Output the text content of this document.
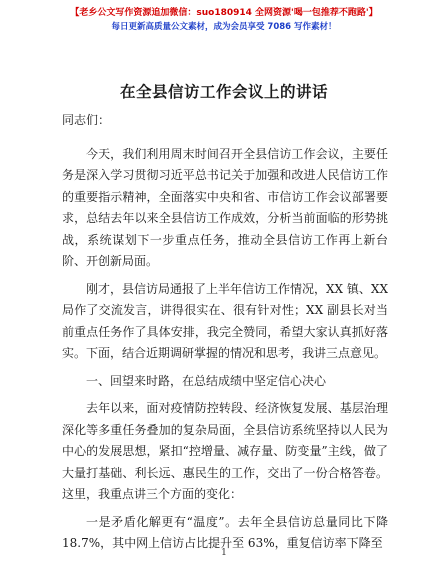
【老乡公文写作资源追加微信：suo180914 全网资源'喝一包推荐不跑路'】
每日更新高质量公文素材，成为会员享受 7086 写作素材！
在全县信访工作会议上的讲话

同志们：

今天，我们利用周末时间召开全县信访工作会议，主要任务是深入学习贯彻习近平总书记关于加强和改进人民信访工作的重要指示精神，全面落实中央和省、市信访工作会议部署要求，总结去年以来全县信访工作成效，分析当前面临的形势挑战，系统谋划下一步重点任务，推动全县信访工作再上新台阶、开创新局面。

刚才，县信访局通报了上半年信访工作情况，XX 镇、XX 局作了交流发言，讲得很实在、很有针对性；XX 副县长对当前重点任务作了具体安排，我完全赞同，希望大家认真抓好落实。下面，结合近期调研掌握的情况和思考，我讲三点意见。

一、回望来时路，在总结成绩中坚定信心决心

去年以来，面对疫情防控转段、经济恢复发展、基层治理深化等多重任务叠加的复杂局面，全县信访系统坚持以人民为中心的发展思想，紧扣“控增量、减存量、防变量”主线，做了大量打基础、利长远、惠民生的工作，交出了一份合格答卷。这里，我重点讲三个方面的变化：

一是矛盾化解更有“温度”。去年全县信访总量同比下降 18.7%，其中网上信访占比提升至 63%，重复信访率下降至

1
